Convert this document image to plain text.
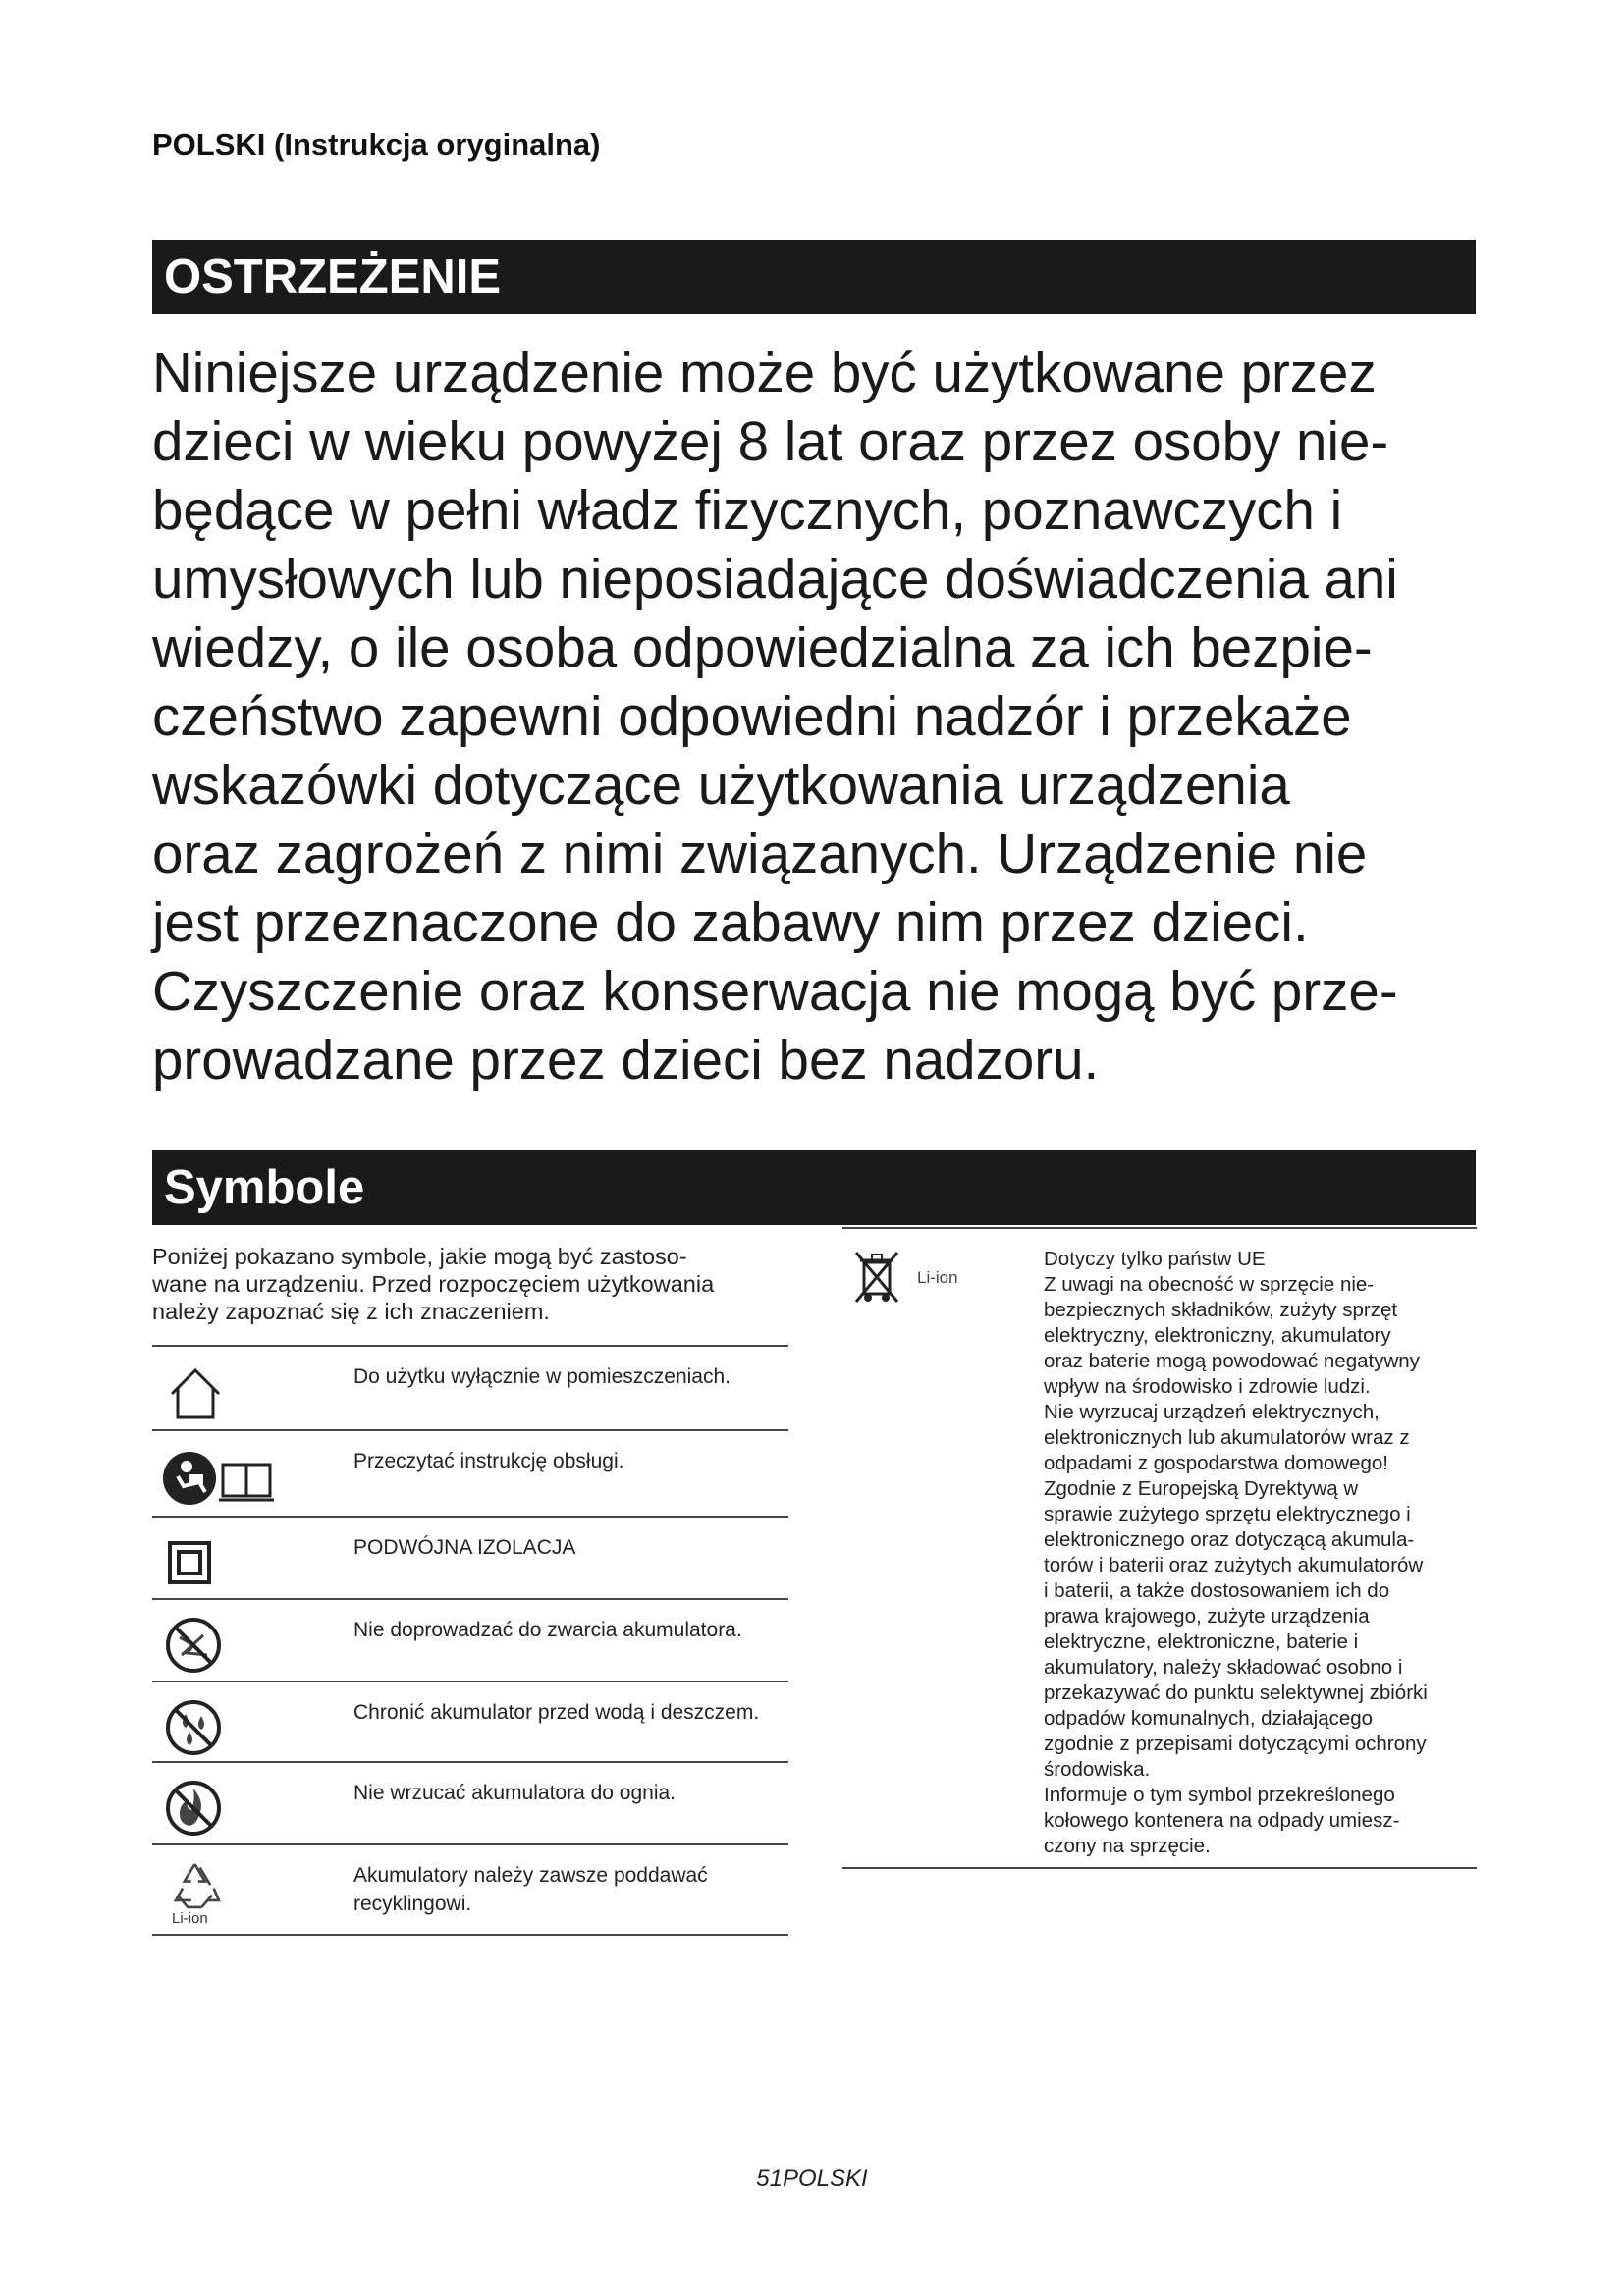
POLSKI (Instrukcja oryginalna)
OSTRZEŻENIE
Niniejsze urządzenie może być użytkowane przez
dzieci w wieku powyżej 8 lat oraz przez osoby nie-
będące w pełni władz fizycznych, poznawczych i
umysłowych lub nieposiadające doświadczenia ani
wiedzy, o ile osoba odpowiedzialna za ich bezpie-
czeństwo zapewni odpowiedni nadzór i przekaże
wskazówki dotyczące użytkowania urządzenia
oraz zagrożeń z nimi związanych. Urządzenie nie
jest przeznaczone do zabawy nim przez dzieci.
Czyszczenie oraz konserwacja nie mogą być prze-
prowadzane przez dzieci bez nadzoru.
Symbole
Poniżej pokazano symbole, jakie mogą być zastoso-
wane na urządzeniu. Przed rozpoczęciem użytkowania
należy zapoznać się z ich znaczeniem.
Do użytku wyłącznie w pomieszczeniach.
Przeczytać instrukcję obsługi.
PODWÓJNA IZOLACJA
Nie doprowadzać do zwarcia akumulatora.
Chronić akumulator przed wodą i deszczem.
Nie wrzucać akumulatora do ognia.
Li-ion
Akumulatory należy zawsze poddawać recyklingowi.
Li-ion
Dotyczy tylko państw UE
Z uwagi na obecność w sprzęcie nie-
bezpiecznych składników, zużyty sprzęt
elektryczny, elektroniczny, akumulatory
oraz baterie mogą powodować negatywny
wpływ na środowisko i zdrowie ludzi.
Nie wyrzucaj urządzeń elektrycznych,
elektronicznych lub akumulatorów wraz z
odpadami z gospodarstwa domowego!
Zgodnie z Europejską Dyrektywą w
sprawie zużytego sprzętu elektrycznego i
elektronicznego oraz dotyczącą akumula-
torów i baterii oraz zużytych akumulatorów
i baterii, a także dostosowaniem ich do
prawa krajowego, zużyte urządzenia
elektryczne, elektroniczne, baterie i
akumulatory, należy składować osobno i
przekazywać do punktu selektywnej zbiórki
odpadów komunalnych, działającego
zgodnie z przepisami dotyczącymi ochrony
środowiska.
Informuje o tym symbol przekreślonego
kołowego kontenera na odpady umiesz-
czony na sprzęcie.
51POLSKI
